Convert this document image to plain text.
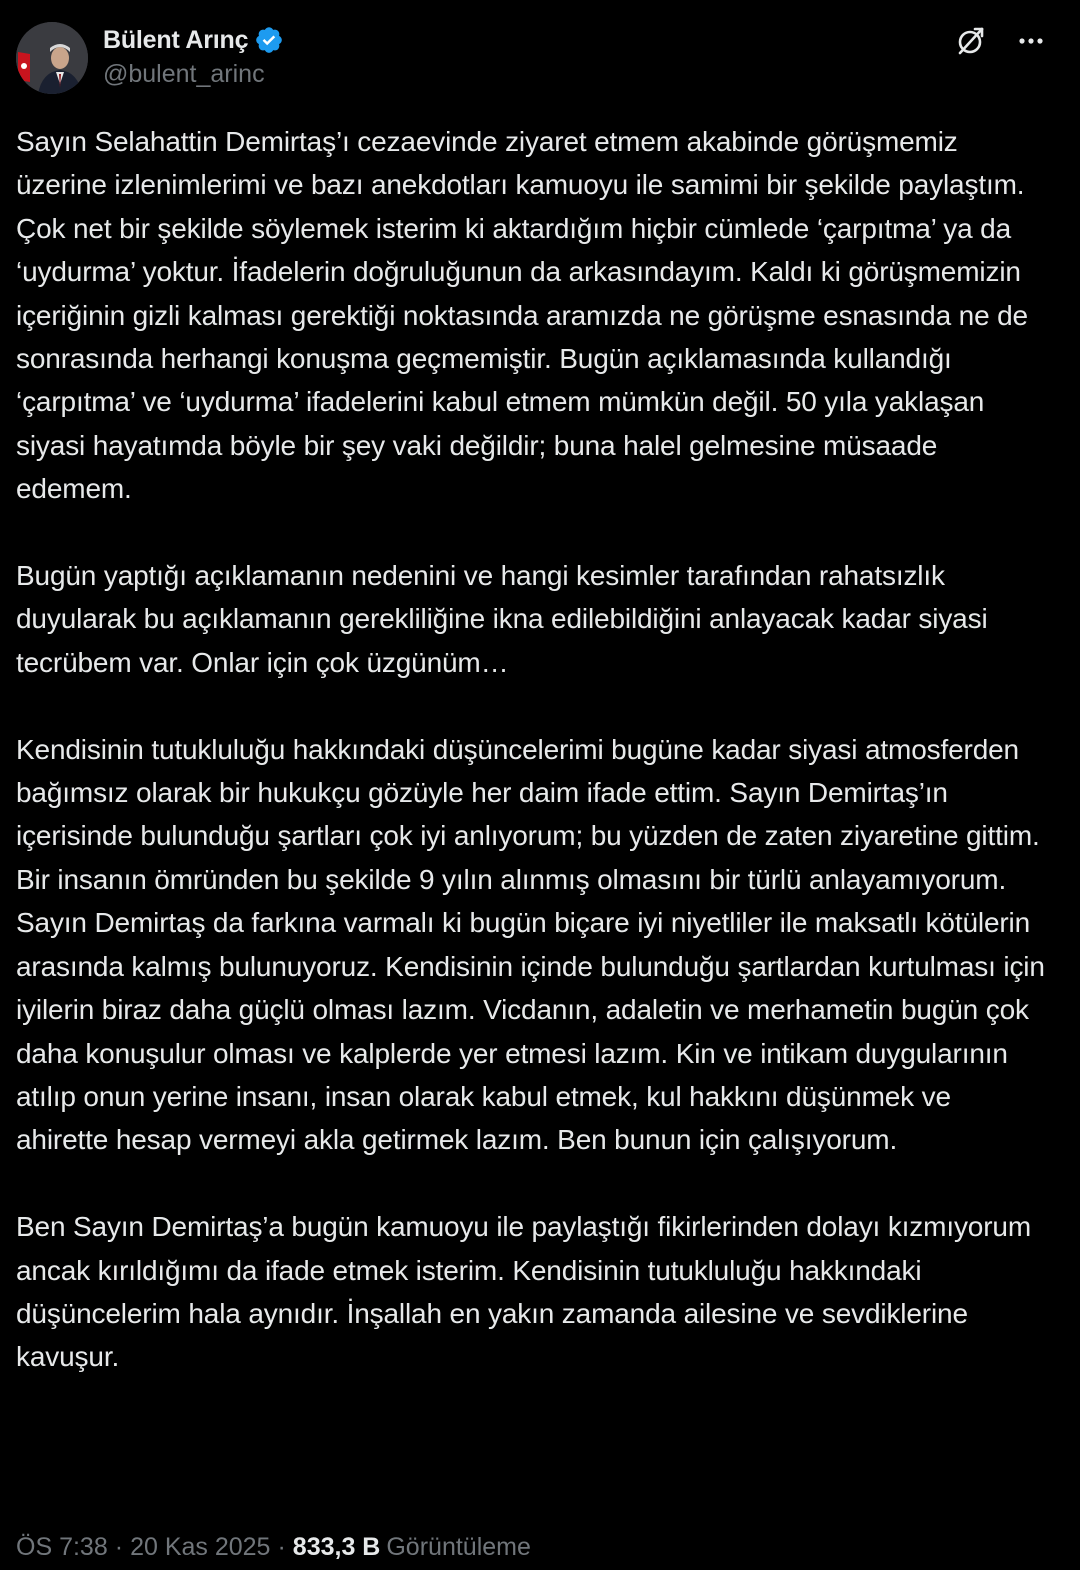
Bülent Arınç
@bulent_arinc

Sayın Selahattin Demirtaş’ı cezaevinde ziyaret etmem akabinde görüşmemiz üzerine izlenimlerimi ve bazı anekdotları kamuoyu ile samimi bir şekilde paylaştım. Çok net bir şekilde söylemek isterim ki aktardığım hiçbir cümlede ‘çarpıtma’ ya da ‘uydurma’ yoktur. İfadelerin doğruluğunun da arkasındayım. Kaldı ki görüşmemizin içeriğinin gizli kalması gerektiği noktasında aramızda ne görüşme esnasında ne de sonrasında herhangi konuşma geçmemiştir. Bugün açıklamasında kullandığı ‘çarpıtma’ ve ‘uydurma’ ifadelerini kabul etmem mümkün değil. 50 yıla yaklaşan siyasi hayatımda böyle bir şey vaki değildir; buna halel gelmesine müsaade edemem.

Bugün yaptığı açıklamanın nedenini ve hangi kesimler tarafından rahatsızlık duyularak bu açıklamanın gerekliliğine ikna edilebildiğini anlayacak kadar siyasi tecrübem var. Onlar için çok üzgünüm…

Kendisinin tutukluluğu hakkındaki düşüncelerimi bugüne kadar siyasi atmosferden bağımsız olarak bir hukukçu gözüyle her daim ifade ettim. Sayın Demirtaş’ın içerisinde bulunduğu şartları çok iyi anlıyorum; bu yüzden de zaten ziyaretine gittim. Bir insanın ömründen bu şekilde 9 yılın alınmış olmasını bir türlü anlayamıyorum. Sayın Demirtaş da farkına varmalı ki bugün biçare iyi niyetliler ile maksatlı kötülerin arasında kalmış bulunuyoruz. Kendisinin içinde bulunduğu şartlardan kurtulması için iyilerin biraz daha güçlü olması lazım. Vicdanın, adaletin ve merhametin bugün çok daha konuşulur olması ve kalplerde yer etmesi lazım. Kin ve intikam duygularının atılıp onun yerine insanı, insan olarak kabul etmek, kul hakkını düşünmek ve ahirette hesap vermeyi akla getirmek lazım. Ben bunun için çalışıyorum.

Ben Sayın Demirtaş’a bugün kamuoyu ile paylaştığı fikirlerinden dolayı kızmıyorum ancak kırıldığımı da ifade etmek isterim. Kendisinin tutukluluğu hakkındaki düşüncelerim hala aynıdır. İnşallah en yakın zamanda ailesine ve sevdiklerine kavuşur.

ÖS 7:38 · 20 Kas 2025 · 833,3 B Görüntüleme
